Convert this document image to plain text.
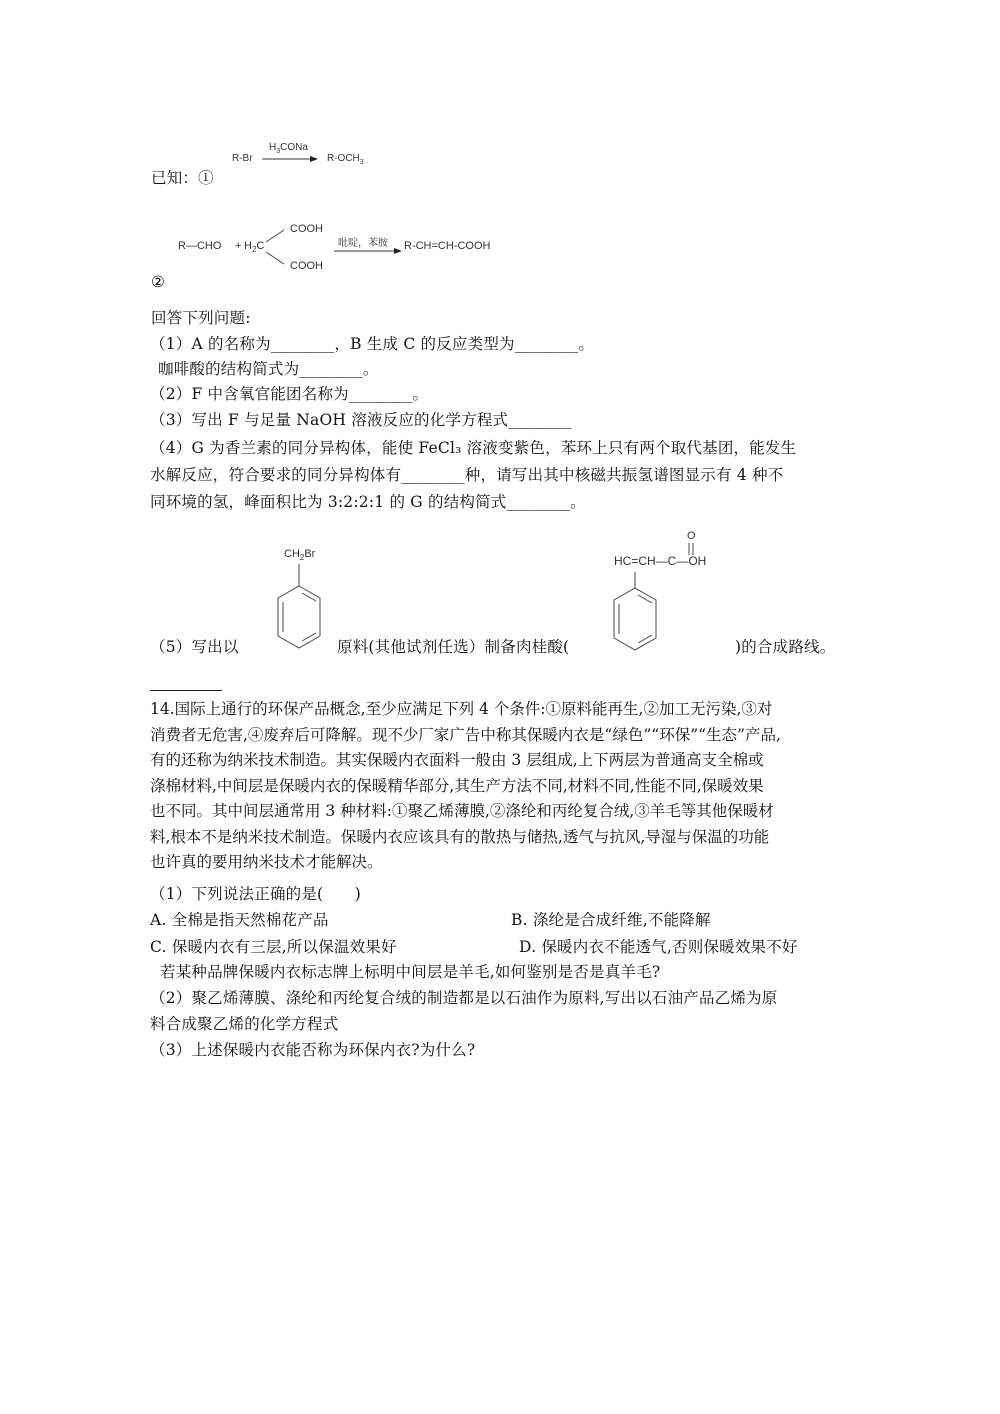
R-Br
$H_3CONa$
→ $R-OCH_3$
已知：①
R—CHO + $H_2C$
COOH
COOH
吡啶，苯胺 R-CH=CH-COOH
②
回答下列问题:
（1）A 的名称为________，B 生成 C 的反应类型为________。
咖啡酸的结构简式为________。
（2）F 中含氧官能团名称为________。
（3）写出 F 与足量 NaOH 溶液反应的化学方程式________
（4）G 为香兰素的同分异构体，能使 FeCl₃ 溶液变紫色，苯环上只有两个取代基团，能发生
水解反应，符合要求的同分异构体有________种，请写出其中核磁共振氢谱图显示有 4 种不
同环境的氢，峰面积比为 3:2:2:1 的 G 的结构简式________。
（5）写出以
$CH_2Br$
原料(其他试剂任选）制备肉桂酸(
O
HC=CH—C—OH
)的合成路线。
14.国际上通行的环保产品概念,至少应满足下列 4 个条件:①原料能再生,②加工无污染,③对
消费者无危害,④废弃后可降解。现不少厂家广告中称其保暖内衣是“绿色”“环保”“生态”产品,
有的还称为纳米技术制造。其实保暖内衣面料一般由 3 层组成,上下两层为普通高支全棉或
涤棉材料,中间层是保暖内衣的保暖精华部分,其生产方法不同,材料不同,性能不同,保暖效果
也不同。其中间层通常用 3 种材料:①聚乙烯薄膜,②涤纶和丙纶复合绒,③羊毛等其他保暖材
料,根本不是纳米技术制造。保暖内衣应该具有的散热与储热,透气与抗风,导湿与保温的功能
也许真的要用纳米技术才能解决。
（1）下列说法正确的是(　　)
A. 全棉是指天然棉花产品	B. 涤纶是合成纤维,不能降解
C. 保暖内衣有三层,所以保温效果好	D. 保暖内衣不能透气,否则保暖效果不好
若某种品牌保暖内衣标志牌上标明中间层是羊毛,如何鉴别是否是真羊毛?
（2）聚乙烯薄膜、涤纶和丙纶复合绒的制造都是以石油作为原料,写出以石油产品乙烯为原
料合成聚乙烯的化学方程式
（3）上述保暖内衣能否称为环保内衣?为什么?
